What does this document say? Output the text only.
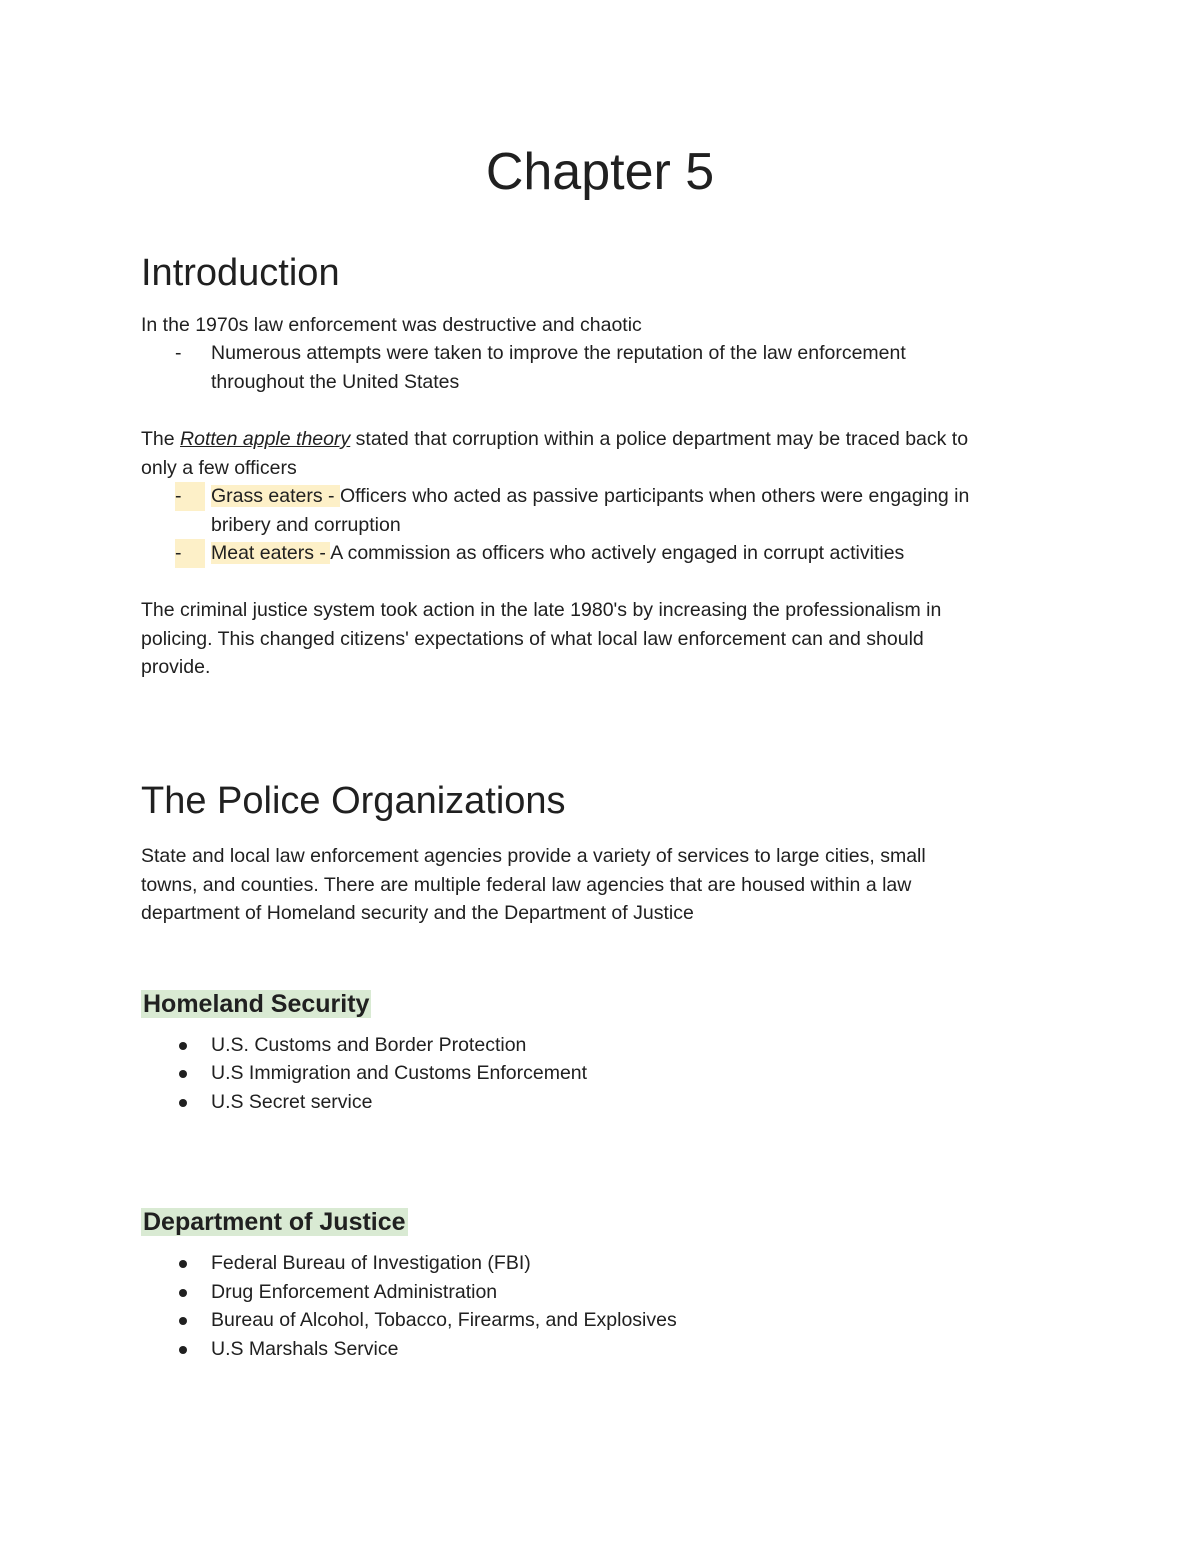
Chapter 5
Introduction

In the 1970s law enforcement was destructive and chaotic

-	Numerous attempts were taken to improve the reputation of the law enforcement
throughout the United States

The Rotten apple theory stated that corruption within a police department may be traced back to
only a few officers

-	Grass eaters - Officers who acted as passive participants when others were engaging in
bribery and corruption
-	Meat eaters - A commission as officers who actively engaged in corrupt activities

The criminal justice system took action in the late 1980's by increasing the professionalism in
policing. This changed citizens' expectations of what local law enforcement can and should
provide.

The Police Organizations

State and local law enforcement agencies provide a variety of services to large cities, small
towns, and counties. There are multiple federal law agencies that are housed within a law
department of Homeland security and the Department of Justice

Homeland Security
U.S. Customs and Border Protection
U.S Immigration and Customs Enforcement
U.S Secret service
Department of Justice
Federal Bureau of Investigation (FBI)
Drug Enforcement Administration
Bureau of Alcohol, Tobacco, Firearms, and Explosives
U.S Marshals Service
